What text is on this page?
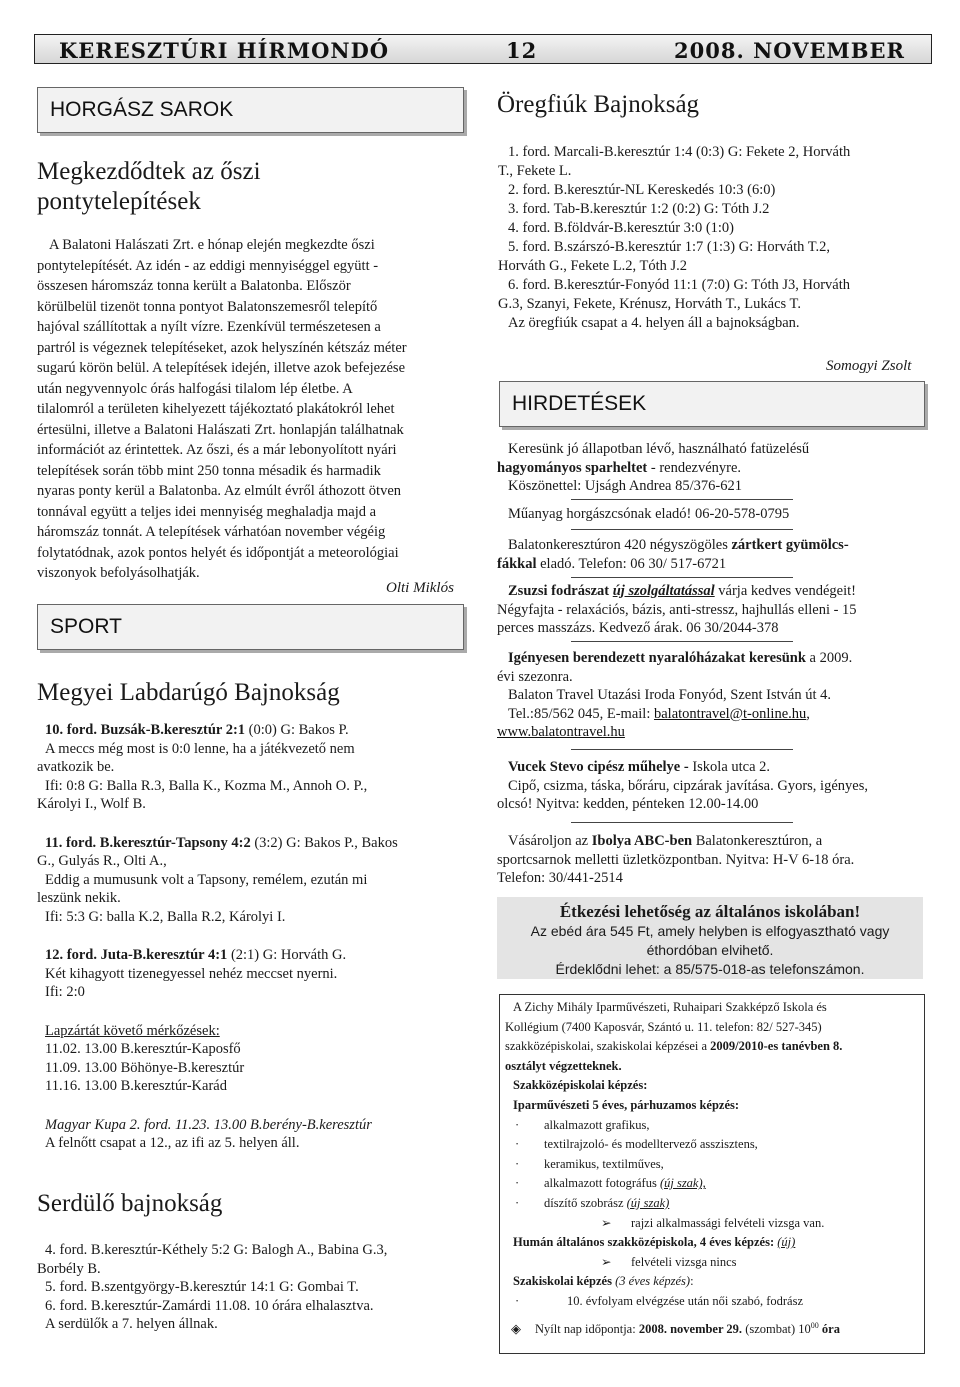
KERESZTÚRI HÍRMONDÓ	12	2008. NOVEMBER
HORGÁSZ SAROK
Megkezdődtek az őszi
pontytelepítések
A Balatoni Halászati Zrt. e hónap elején megkezdte őszi
pontytelepítését. Az idén - az eddigi mennyiséggel együtt -
összesen háromszáz tonna került a Balatonba. Először
körülbelül tizenöt tonna pontyot Balatonszemesről telepítő
hajóval szállítottak a nyílt vízre. Ezenkívül természetesen a
partról is végeznek telepítéseket, azok helyszínén kétszáz méter
sugarú körön belül. A telepítések idején, illetve azok befejezése
után negyvennyolc órás halfogási tilalom lép életbe. A
tilalomról a területen kihelyezett tájékoztató plakátokról lehet
értesülni, illetve a Balatoni Halászati Zrt. honlapján találhatnak
információt az érintettek. Az őszi, és a már lebonyolított nyári
telepítések során több mint 250 tonna mésadik és harmadik
nyaras ponty kerül a Balatonba. Az elmúlt évről áthozott ötven
tonnával együtt a teljes idei mennyiség meghaladja majd a
háromszáz tonnát. A telepítések várhatóan november végéig
folytatódnak, azok pontos helyét és időpontját a meteorológiai
viszonyok befolyásolhatják.
Olti Miklós
SPORT
Megyei Labdarúgó Bajnokság
10. ford. Buzsák-B.keresztúr 2:1 (0:0) G: Bakos P.
A meccs még most is 0:0 lenne, ha a játékvezető nem
avatkozik be.
Ifi: 0:8 G: Balla R.3, Balla K., Kozma M., Annoh O. P.,
Károlyi I., Wolf B.
11. ford. B.keresztúr-Tapsony 4:2 (3:2) G: Bakos P., Bakos
G., Gulyás R., Olti A.,
Eddig a mumusunk volt a Tapsony, remélem, ezután mi
leszünk nekik.
Ifi: 5:3 G: balla K.2, Balla R.2, Károlyi I.
12. ford. Juta-B.keresztúr 4:1 (2:1) G: Horváth G.
Két kihagyott tizenegyessel nehéz meccset nyerni.
Ifi: 2:0
Lapzártát követő mérkőzések:
11.02. 13.00 B.keresztúr-Kaposfő
11.09. 13.00 Böhönye-B.keresztúr
11.16. 13.00 B.keresztúr-Karád
Magyar Kupa 2. ford. 11.23. 13.00 B.berény-B.keresztúr
A felnőtt csapat a 12., az ifi az 5. helyen áll.
Serdülő bajnokság
4. ford. B.keresztúr-Kéthely 5:2 G: Balogh A., Babina G.3,
Borbély B.
5. ford. B.szentgyörgy-B.keresztúr 14:1 G: Gombai T.
6. ford. B.keresztúr-Zamárdi 11.08. 10 órára elhalasztva.
A serdülők a 7. helyen állnak.
Öregfiúk Bajnokság
1. ford. Marcali-B.keresztúr 1:4 (0:3) G: Fekete 2, Horváth
T., Fekete L.
2. ford. B.keresztúr-NL Kereskedés 10:3 (6:0)
3. ford. Tab-B.keresztúr 1:2 (0:2) G: Tóth J.2
4. ford. B.földvár-B.keresztúr 3:0 (1:0)
5. ford. B.szárszó-B.keresztúr 1:7 (1:3) G: Horváth T.2,
Horváth G., Fekete L.2, Tóth J.2
6. ford. B.keresztúr-Fonyód 11:1 (7:0) G: Tóth J3, Horváth
G.3, Szanyi, Fekete, Krénusz, Horváth T., Lukács T.
Az öregfiúk csapat a 4. helyen áll a bajnokságban.
Somogyi Zsolt
HIRDETÉSEK
Keresünk jó állapotban lévő, használható fatüzelésű
hagyományos sparheltet - rendezvényre.
Köszönettel: Ujságh Andrea 85/376-621
Műanyag horgászcsónak eladó! 06-20-578-0795
Balatonkeresztúron 420 négyszögöles zártkert gyümölcs-
fákkal eladó. Telefon: 06 30/ 517-6721
Zsuzsi fodrászat új szolgáltatással várja kedves vendégeit!
Négyfajta - relaxációs, bázis, anti-stressz, hajhullás elleni - 15
perces masszázs. Kedvező árak. 06 30/2044-378
Igényesen berendezett nyaralóházakat keresünk a 2009.
évi szezonra.
Balaton Travel Utazási Iroda Fonyód, Szent István út 4.
Tel.:85/562 045, E-mail: balatontravel@t-online.hu,
www.balatontravel.hu
Vucek Stevo cipész műhelye - Iskola utca 2.
Cipő, csizma, táska, bőráru, cipzárak javítása. Gyors, igényes,
olcsó! Nyitva: kedden, pénteken 12.00-14.00
Vásároljon az Ibolya ABC-ben Balatonkeresztúron, a
sportcsarnok melletti üzletközpontban. Nyitva: H-V 6-18 óra.
Telefon: 30/441-2514
Étkezési lehetőség az általános iskolában!
Az ebéd ára 545 Ft, amely helyben is elfogyasztható vagy
éthordóban elvihető.
Érdeklődni lehet: a 85/575-018-as telefonszámon.
A Zichy Mihály Iparművészeti, Ruhaipari Szakképző Iskola és
Kollégium (7400 Kaposvár, Szántó u. 11. telefon: 82/ 527-345)
szakközépiskolai, szakiskolai képzései a 2009/2010-es tanévben 8.
osztályt végzetteknek.
Szakközépiskolai képzés:
Iparművészeti 5 éves, párhuzamos képzés:
· alkalmazott grafikus,
· textilrajzoló- és modelltervező asszisztens,
· keramikus, textilműves,
· alkalmazott fotográfus (új szak),
· díszítő szobrász (új szak)
➢ rajzi alkalmassági felvételi vizsga van.
Humán általános szakközépiskola, 4 éves képzés: (új)
➢ felvételi vizsga nincs
Szakiskolai képzés (3 éves képzés):
·	10. évfolyam elvégzése után női szabó, fodrász
◈ Nyílt nap időpontja: 2008. november 29. (szombat) $10^{00}$ óra
